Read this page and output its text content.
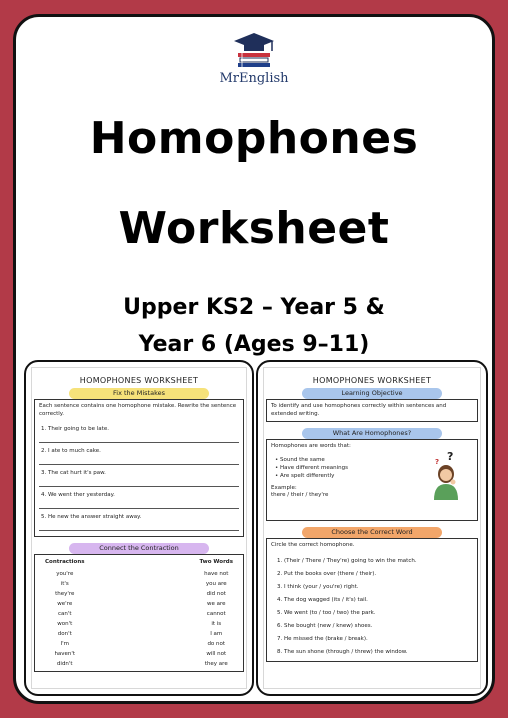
MrEnglish
Homophones
Worksheet
Upper KS2 – Year 5 &
Year 6 (Ages 9–11)
HOMOPHONES WORKSHEET
Fix the Mistakes
Each sentence contains one homophone mistake. Rewrite the sentence correctly.
1. Their going to be late.
2. I ate to much cake.
3. The cat hurt it's paw.
4. We went ther yesterday.
5. He new the answer straight away.
Connect the Contraction
Contractions
you're
it's
they're
we're
can't
won't
don't
I'm
haven't
didn't
Two Words
have not
you are
did not
we are
cannot
it is
I am
do not
will not
they are
HOMOPHONES WORKSHEET
Learning Objective
To identify and use homophones correctly within sentences and extended writing.
What Are Homophones?
Homophones are words that:
• Sound the same
• Have different meanings
• Are spelt differently
Example:
there / their / they're
?
?
Choose the Correct Word
Circle the correct homophone.
1. (Their / There / They're) going to win the match.
2. Put the books over (there / their).
3. I think (your / you're) right.
4. The dog wagged (its / it's) tail.
5. We went (to / too / two) the park.
6. She bought (new / knew) shoes.
7. He missed the (brake / break).
8. The sun shone (through / threw) the window.
